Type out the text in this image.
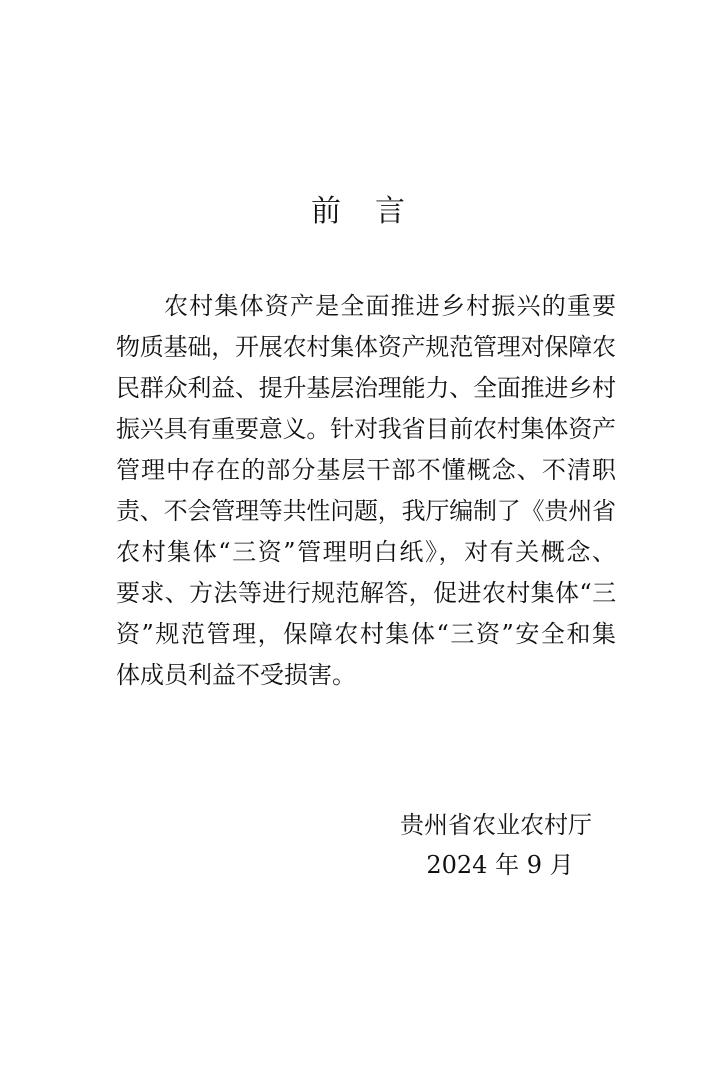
前言
农村集体资产是全面推进乡村振兴的重要
物质基础，开展农村集体资产规范管理对保障农
民群众利益、提升基层治理能力、全面推进乡村
振兴具有重要意义。针对我省目前农村集体资产
管理中存在的部分基层干部不懂概念、不清职
责、不会管理等共性问题，我厅编制了《贵州省
农村集体“三资”管理明白纸》，对有关概念、
要求、方法等进行规范解答，促进农村集体“三
资”规范管理，保障农村集体“三资”安全和集
体成员利益不受损害。
贵州省农业农村厅
2024 年 9 月
